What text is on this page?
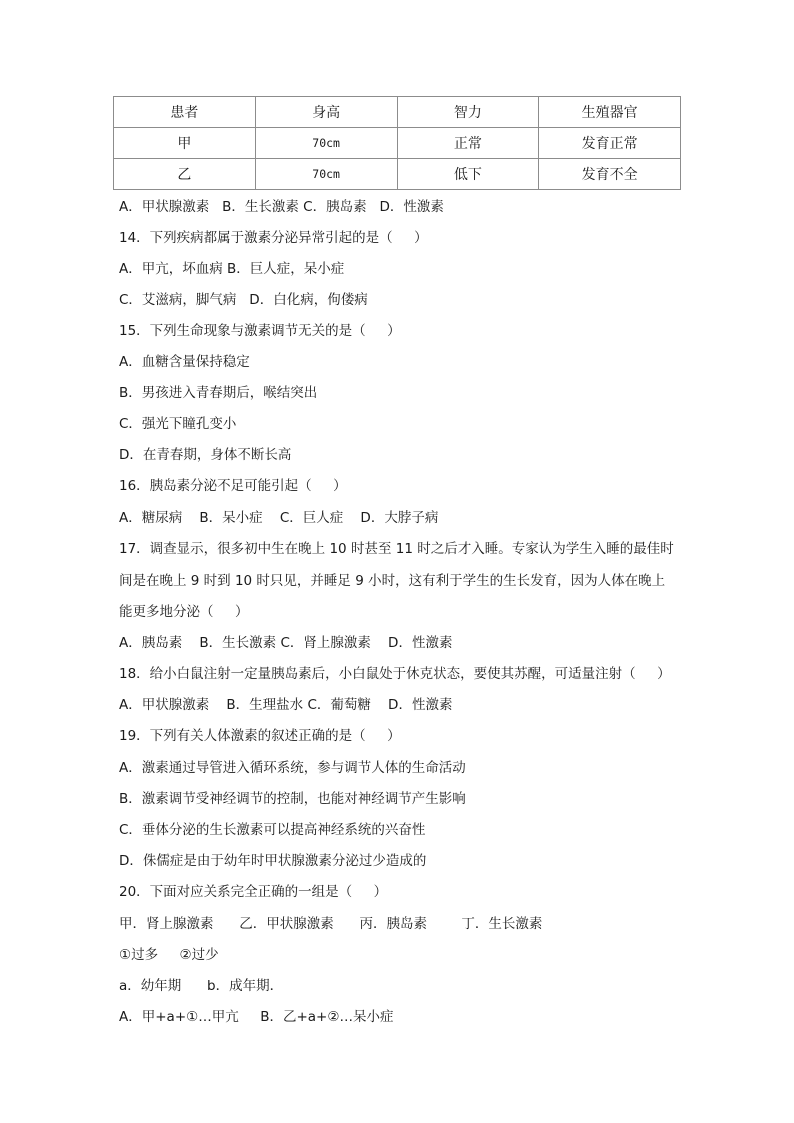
患者	身高	智力	生殖器官
甲	70cm	正常	发育正常
乙	70cm	低下	发育不全
A．甲状腺激素   B．生长激素 C．胰岛素   D．性激素
14．下列疾病都属于激素分泌异常引起的是（     ）
A．甲亢，坏血病 B．巨人症，呆小症
C．艾滋病，脚气病   D．白化病，佝偻病
15．下列生命现象与激素调节无关的是（     ）
A．血糖含量保持稳定
B．男孩进入青春期后，喉结突出
C．强光下瞳孔变小
D．在青春期，身体不断长高
16．胰岛素分泌不足可能引起（     ）
A．糖尿病    B．呆小症    C．巨人症    D．大脖子病
17．调查显示，很多初中生在晚上 10 时甚至 11 时之后才入睡。专家认为学生入睡的最佳时
间是在晚上 9 时到 10 时只见，并睡足 9 小时，这有利于学生的生长发育，因为人体在晚上
能更多地分泌（     ）
A．胰岛素    B．生长激素 C．肾上腺激素    D．性激素
18．给小白鼠注射一定量胰岛素后，小白鼠处于休克状态，要使其苏醒，可适量注射（     ）
A．甲状腺激素    B．生理盐水 C．葡萄糖    D．性激素
19．下列有关人体激素的叙述正确的是（     ）
A．激素通过导管进入循环系统，参与调节人体的生命活动
B．激素调节受神经调节的控制，也能对神经调节产生影响
C．垂体分泌的生长激素可以提高神经系统的兴奋性
D．侏儒症是由于幼年时甲状腺激素分泌过少造成的
20．下面对应关系完全正确的一组是（     ）
甲．肾上腺激素      乙．甲状腺激素      丙．胰岛素        丁．生长激素
①过多     ②过少
a．幼年期      b．成年期．
A．甲+a+①…甲亢     B．乙+a+②…呆小症
